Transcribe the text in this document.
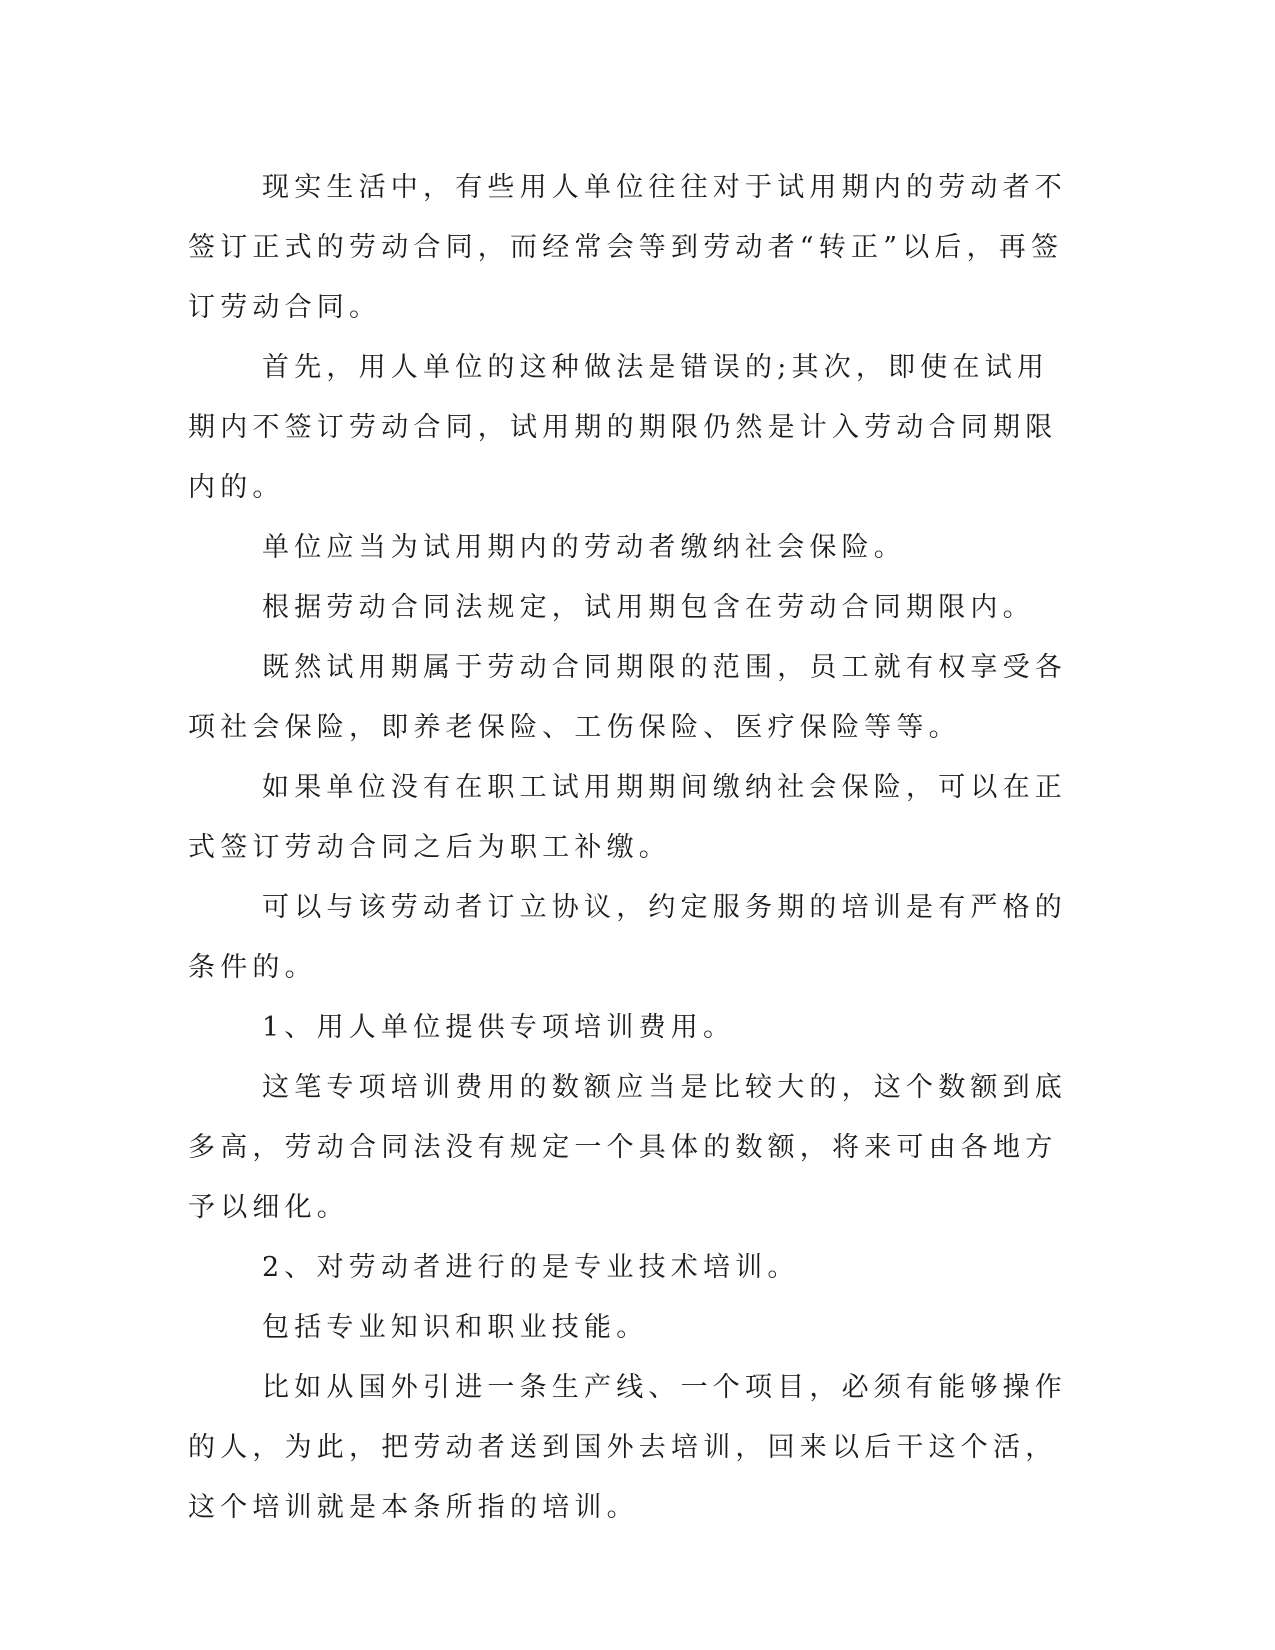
现实生活中，有些用人单位往往对于试用期内的劳动者不签订正式的劳动合同，而经常会等到劳动者“转正”以后，再签订劳动合同。

首先，用人单位的这种做法是错误的;其次，即使在试用期内不签订劳动合同，试用期的期限仍然是计入劳动合同期限内的。

单位应当为试用期内的劳动者缴纳社会保险。

根据劳动合同法规定，试用期包含在劳动合同期限内。

既然试用期属于劳动合同期限的范围，员工就有权享受各项社会保险，即养老保险、工伤保险、医疗保险等等。

如果单位没有在职工试用期期间缴纳社会保险，可以在正式签订劳动合同之后为职工补缴。

可以与该劳动者订立协议，约定服务期的培训是有严格的条件的。

1、用人单位提供专项培训费用。

这笔专项培训费用的数额应当是比较大的，这个数额到底多高，劳动合同法没有规定一个具体的数额，将来可由各地方予以细化。

2、对劳动者进行的是专业技术培训。

包括专业知识和职业技能。

比如从国外引进一条生产线、一个项目，必须有能够操作的人，为此，把劳动者送到国外去培训，回来以后干这个活，这个培训就是本条所指的培训。
